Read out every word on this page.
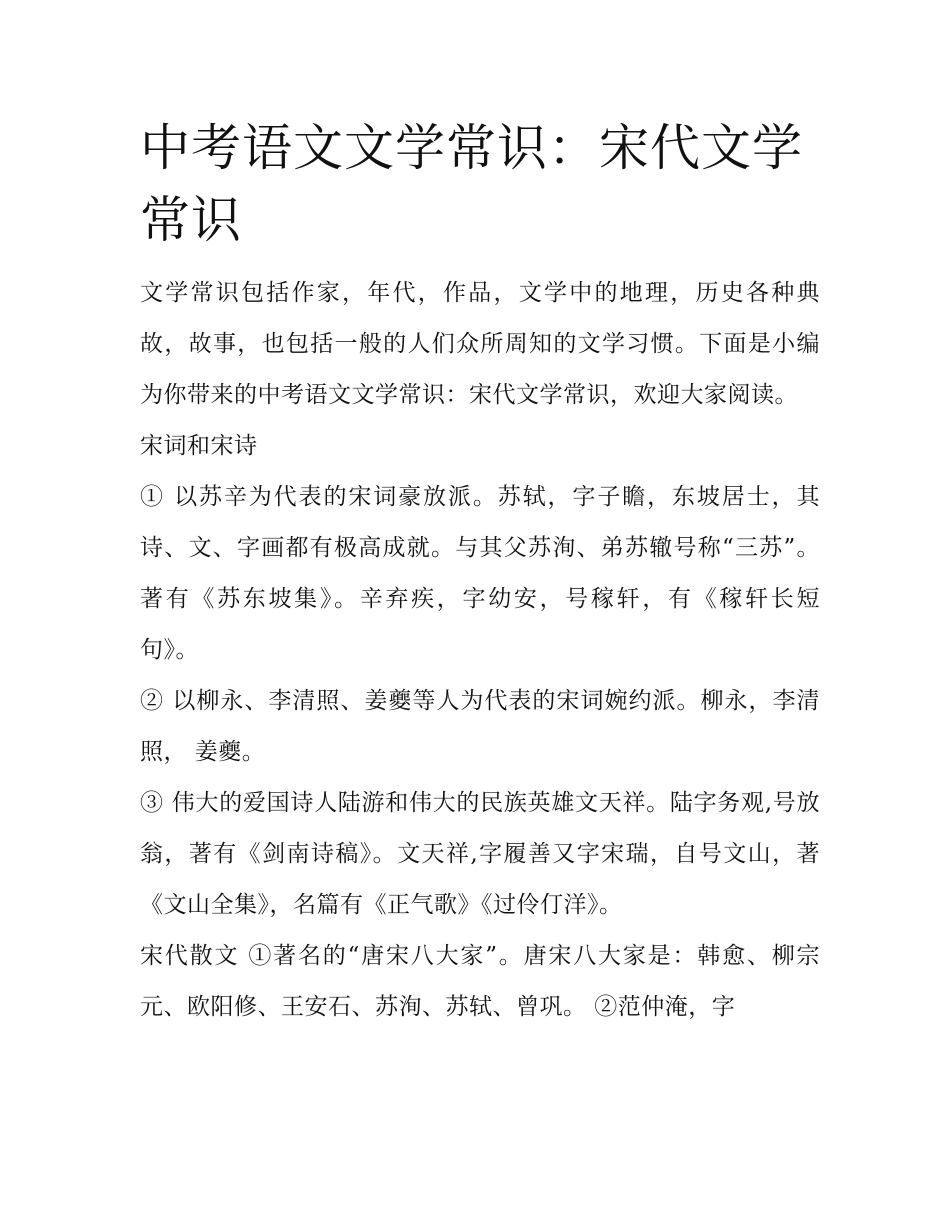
中考语文文学常识：宋代文学常识

文学常识包括作家，年代，作品，文学中的地理，历史各种典故，故事，也包括一般的人们众所周知的文学习惯。下面是小编为你带来的中考语文文学常识：宋代文学常识，欢迎大家阅读。

宋词和宋诗

① 以苏辛为代表的宋词豪放派。苏轼，字子瞻，东坡居士，其诗、文、字画都有极高成就。与其父苏洵、弟苏辙号称“三苏”。著有《苏东坡集》。辛弃疾，字幼安，号稼轩，有《稼轩长短句》。

② 以柳永、李清照、姜夔等人为代表的宋词婉约派。柳永，李清照， 姜夔。

③ 伟大的爱国诗人陆游和伟大的民族英雄文天祥。陆字务观,号放翁，著有《剑南诗稿》。文天祥,字履善又字宋瑞，自号文山，著《文山全集》，名篇有《正气歌》《过伶仃洋》。

宋代散文 ①著名的“唐宋八大家”。唐宋八大家是：韩愈、柳宗元、欧阳修、王安石、苏洵、苏轼、曾巩。 ②范仲淹，字
